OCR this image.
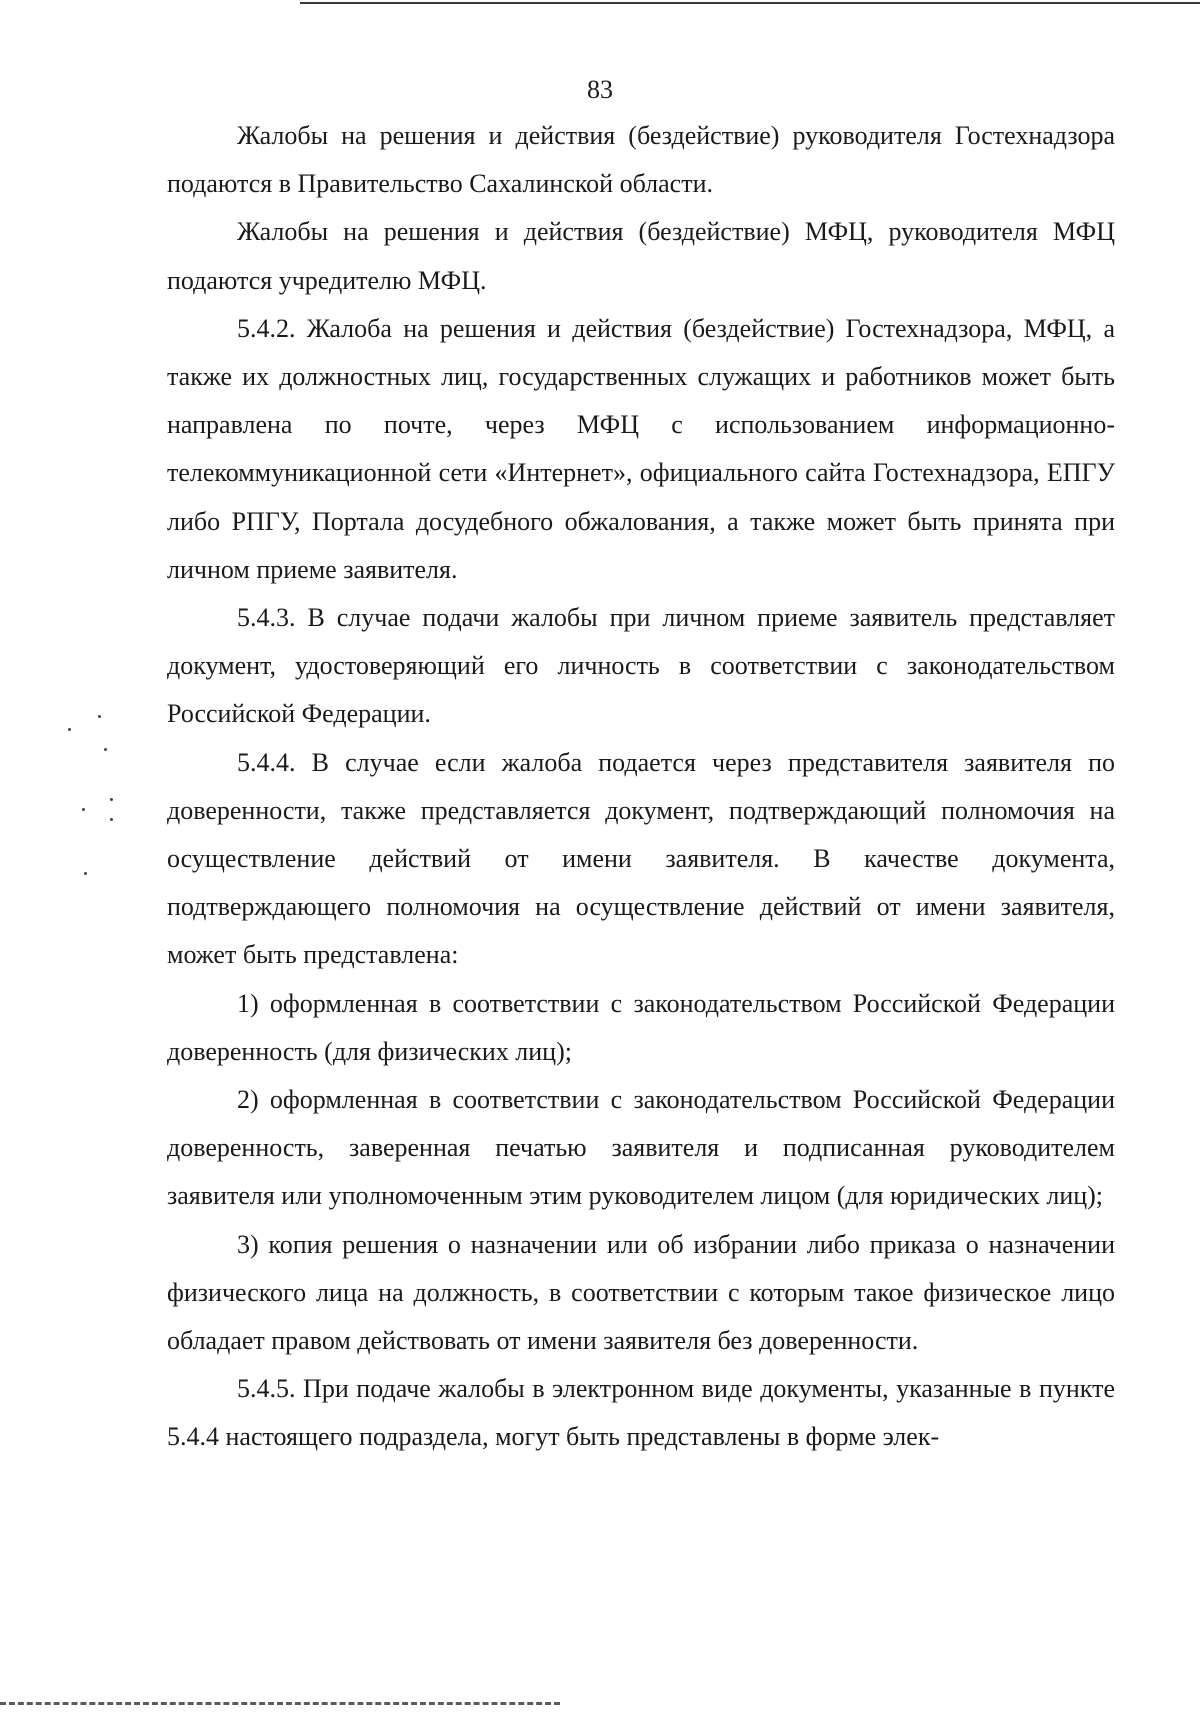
83

Жалобы на решения и действия (бездействие) руководителя Гостехнадзора подаются в Правительство Сахалинской области.

Жалобы на решения и действия (бездействие) МФЦ, руководителя МФЦ подаются учредителю МФЦ.

5.4.2. Жалоба на решения и действия (бездействие) Гостехнадзора, МФЦ, а также их должностных лиц, государственных служащих и работников может быть направлена по почте, через МФЦ с использованием информационно-телекоммуникационной сети «Интернет», официального сайта Гостехнадзора, ЕПГУ либо РПГУ, Портала досудебного обжалования, а также может быть принята при личном приеме заявителя.

5.4.3. В случае подачи жалобы при личном приеме заявитель представляет документ, удостоверяющий его личность в соответствии с законодательством Российской Федерации.

5.4.4. В случае если жалоба подается через представителя заявителя по доверенности, также представляется документ, подтверждающий полномочия на осуществление действий от имени заявителя. В качестве документа, подтверждающего полномочия на осуществление действий от имени заявителя, может быть представлена:

1) оформленная в соответствии с законодательством Российской Федерации доверенность (для физических лиц);

2) оформленная в соответствии с законодательством Российской Федерации доверенность, заверенная печатью заявителя и подписанная руководителем заявителя или уполномоченным этим руководителем лицом (для юридических лиц);

3) копия решения о назначении или об избрании либо приказа о назначении физического лица на должность, в соответствии с которым такое физическое лицо обладает правом действовать от имени заявителя без доверенности.

5.4.5. При подаче жалобы в электронном виде документы, указанные в пункте 5.4.4 настоящего подраздела, могут быть представлены в форме элек-
